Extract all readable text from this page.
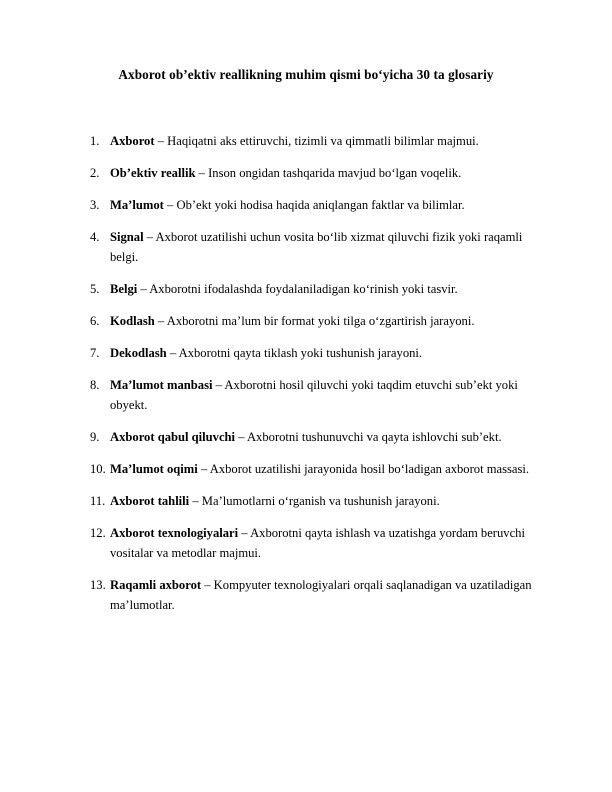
Axborot ob’ektiv reallikning muhim qismi bo‘yicha 30 ta glosariy
1. Axborot – Haqiqatni aks ettiruvchi, tizimli va qimmatli bilimlar majmui.
2. Ob’ektiv reallik – Inson ongidan tashqarida mavjud bo‘lgan voqelik.
3. Ma’lumot – Ob’ekt yoki hodisa haqida aniqlangan faktlar va bilimlar.
4. Signal – Axborot uzatilishi uchun vosita bo‘lib xizmat qiluvchi fizik yoki raqamli belgi.
5. Belgi – Axborotni ifodalashda foydalaniladigan ko‘rinish yoki tasvir.
6. Kodlash – Axborotni ma’lum bir format yoki tilga o‘zgartirish jarayoni.
7. Dekodlash – Axborotni qayta tiklash yoki tushunish jarayoni.
8. Ma’lumot manbasi – Axborotni hosil qiluvchi yoki taqdim etuvchi sub’ekt yoki obyekt.
9. Axborot qabul qiluvchi – Axborotni tushunuvchi va qayta ishlovchi sub’ekt.
10. Ma’lumot oqimi – Axborot uzatilishi jarayonida hosil bo‘ladigan axborot massasi.
11. Axborot tahlili – Ma’lumotlarni o‘rganish va tushunish jarayoni.
12. Axborot texnologiyalari – Axborotni qayta ishlash va uzatishga yordam beruvchi vositalar va metodlar majmui.
13. Raqamli axborot – Kompyuter texnologiyalari orqali saqlanadigan va uzatiladigan ma’lumotlar.
